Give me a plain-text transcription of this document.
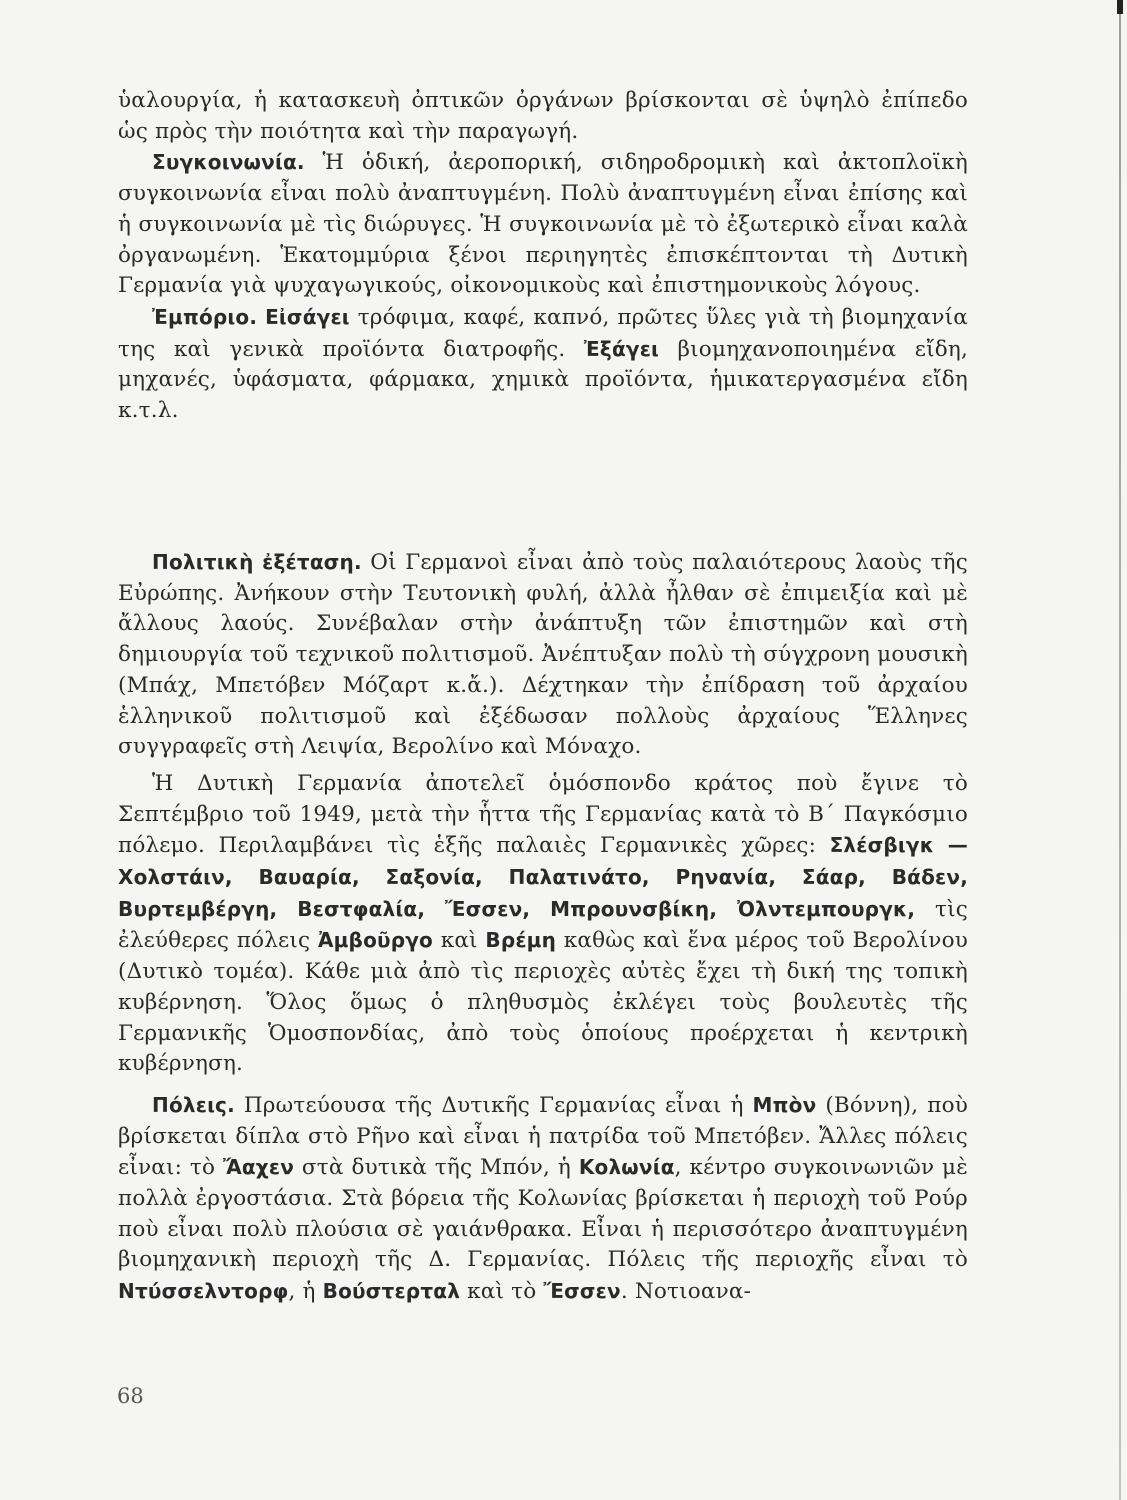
ὑαλουργία, ἡ κατασκευὴ ὀπτικῶν ὀργάνων βρίσκονται σὲ ὑψηλὸ ἐπίπεδο ὡς πρὸς τὴν ποιότητα καὶ τὴν παραγωγή.

Συγκοινωνία. Ἡ ὁδική, ἀεροπορική, σιδηροδρομικὴ καὶ ἀκτοπλοϊκὴ συγκοινωνία εἶναι πολὺ ἀναπτυγμένη. Πολὺ ἀναπτυγμένη εἶναι ἐπίσης καὶ ἡ συγκοινωνία μὲ τὶς διώρυγες. Ἡ συγκοινωνία μὲ τὸ ἐξωτερικὸ εἶναι καλὰ ὀργανωμένη. Ἑκατομμύρια ξένοι περιηγητὲς ἐπισκέπτονται τὴ Δυτικὴ Γερμανία γιὰ ψυχαγωγικούς, οἰκονομικοὺς καὶ ἐπιστημονικοὺς λόγους.

Ἐμπόριο. Εἰσάγει τρόφιμα, καφέ, καπνό, πρῶτες ὕλες γιὰ τὴ βιομηχανία της καὶ γενικὰ προϊόντα διατροφῆς. Ἐξάγει βιομηχανοποιημένα εἴδη, μηχανές, ὑφάσματα, φάρμακα, χημικὰ προϊόντα, ἡμικατεργασμένα εἴδη κ.τ.λ.

Πολιτικὴ ἐξέταση. Οἱ Γερμανοὶ εἶναι ἀπὸ τοὺς παλαιότερους λαοὺς τῆς Εὐρώπης. Ἀνήκουν στὴν Τευτονικὴ φυλή, ἀλλὰ ἦλθαν σὲ ἐπιμειξία καὶ μὲ ἄλλους λαούς. Συνέβαλαν στὴν ἀνάπτυξη τῶν ἐπιστημῶν καὶ στὴ δημιουργία τοῦ τεχνικοῦ πολιτισμοῦ. Ἀνέπτυξαν πολὺ τὴ σύγχρονη μουσικὴ (Μπάχ, Μπετόβεν Μόζαρτ κ.ἄ.). Δέχτηκαν τὴν ἐπίδραση τοῦ ἀρχαίου ἑλληνικοῦ πολιτισμοῦ καὶ ἐξέδωσαν πολλοὺς ἀρχαίους Ἕλληνες συγγραφεῖς στὴ Λειψία, Βερολίνο καὶ Μόναχο.

Ἡ Δυτικὴ Γερμανία ἀποτελεῖ ὁμόσπονδο κράτος ποὺ ἔγινε τὸ Σεπτέμβριο τοῦ 1949, μετὰ τὴν ἧττα τῆς Γερμανίας κατὰ τὸ Β΄ Παγκόσμιο πόλεμο. Περιλαμβάνει τὶς ἑξῆς παλαιὲς Γερμανικὲς χῶρες: Σλέσβιγκ — Χολστάιν, Βαυαρία, Σαξονία, Παλατινάτο, Ρηνανία, Σάαρ, Βάδεν, Βυρτεμβέργη, Βεστφαλία, Ἔσσεν, Μπρουνσβίκη, Ὀλντεμπουργκ, τὶς ἐλεύθερες πόλεις Ἀμβοῦργο καὶ Βρέμη καθὼς καὶ ἕνα μέρος τοῦ Βερολίνου (Δυτικὸ τομέα). Κάθε μιὰ ἀπὸ τὶς περιοχὲς αὐτὲς ἔχει τὴ δική της τοπικὴ κυβέρνηση. Ὅλος ὅμως ὁ πληθυσμὸς ἐκλέγει τοὺς βουλευτὲς τῆς Γερμανικῆς Ὁμοσπονδίας, ἀπὸ τοὺς ὁποίους προέρχεται ἡ κεντρικὴ κυβέρνηση.

Πόλεις. Πρωτεύουσα τῆς Δυτικῆς Γερμανίας εἶναι ἡ Μπὸν (Βόννη), ποὺ βρίσκεται δίπλα στὸ Ρῆνο καὶ εἶναι ἡ πατρίδα τοῦ Μπετόβεν. Ἄλλες πόλεις εἶναι: τὸ Ἄαχεν στὰ δυτικὰ τῆς Μπόν, ἡ Κολωνία, κέντρο συγκοινωνιῶν μὲ πολλὰ ἐργοστάσια. Στὰ βόρεια τῆς Κολωνίας βρίσκεται ἡ περιοχὴ τοῦ Ρούρ ποὺ εἶναι πολὺ πλούσια σὲ γαιάνθρακα. Εἶναι ἡ περισσότερο ἀναπτυγμένη βιομηχανικὴ περιοχὴ τῆς Δ. Γερμανίας. Πόλεις τῆς περιοχῆς εἶναι τὸ Ντύσσελντορφ, ἡ Βούστερταλ καὶ τὸ Ἔσσεν. Νοτιοανα-

68
